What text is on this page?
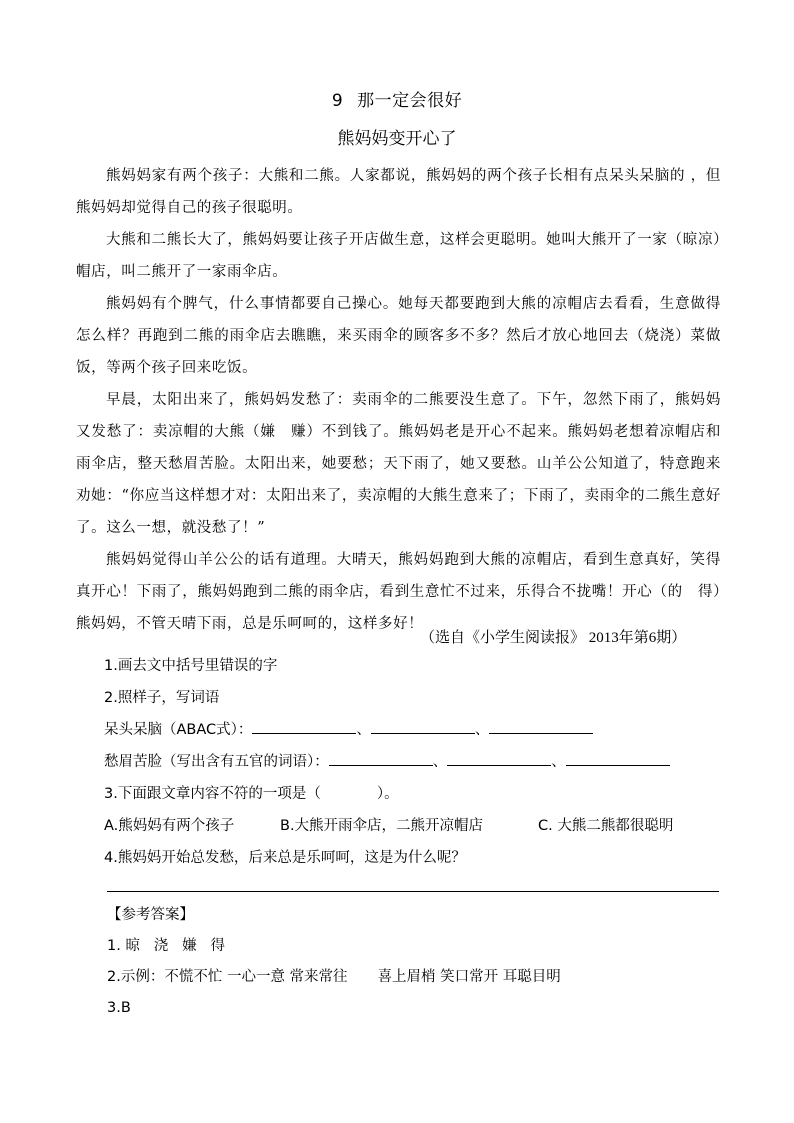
9 那一定会很好
熊妈妈变开心了

熊妈妈家有两个孩子：大熊和二熊。人家都说，熊妈妈的两个孩子长相有点呆头呆脑的 ，但熊妈妈却觉得自己的孩子很聪明。

大熊和二熊长大了，熊妈妈要让孩子开店做生意，这样会更聪明。她叫大熊开了一家（晾凉）帽店，叫二熊开了一家雨伞店。

熊妈妈有个脾气，什么事情都要自己操心。她每天都要跑到大熊的凉帽店去看看，生意做得怎么样？再跑到二熊的雨伞店去瞧瞧，来买雨伞的顾客多不多？然后才放心地回去（烧浇）菜做饭，等两个孩子回来吃饭。

早晨，太阳出来了，熊妈妈发愁了：卖雨伞的二熊要没生意了。下午，忽然下雨了，熊妈妈又发愁了：卖凉帽的大熊（嫌　赚）不到钱了。熊妈妈老是开心不起来。熊妈妈老想着凉帽店和雨伞店，整天愁眉苦脸。太阳出来，她要愁；天下雨了，她又要愁。山羊公公知道了，特意跑来劝她：“你应当这样想才对：太阳出来了，卖凉帽的大熊生意来了；下雨了，卖雨伞的二熊生意好了。这么一想，就没愁了！”

熊妈妈觉得山羊公公的话有道理。大晴天，熊妈妈跑到大熊的凉帽店，看到生意真好，笑得真开心！下雨了，熊妈妈跑到二熊的雨伞店，看到生意忙不过来，乐得合不拢嘴！开心（的　得）熊妈妈，不管天晴下雨，总是乐呵呵的，这样多好！

（选自《小学生阅读报》 2013年第6期）
1.画去文中括号里错误的字
2.照样子，写词语
呆头呆脑（ABAC式）：	、	、
愁眉苦脸（写出含有五官的词语）：	、	、
3.下面跟文章内容不符的一项是（	）。
A.熊妈妈有两个孩子	B.大熊开雨伞店，二熊开凉帽店	C. 大熊二熊都很聪明
4.熊妈妈开始总发愁，后来总是乐呵呵，这是为什么呢？
【参考答案】
1. 晾 浇 嫌 得
2.示例：不慌不忙 一心一意 常来常往 喜上眉梢 笑口常开 耳聪目明
3.B
